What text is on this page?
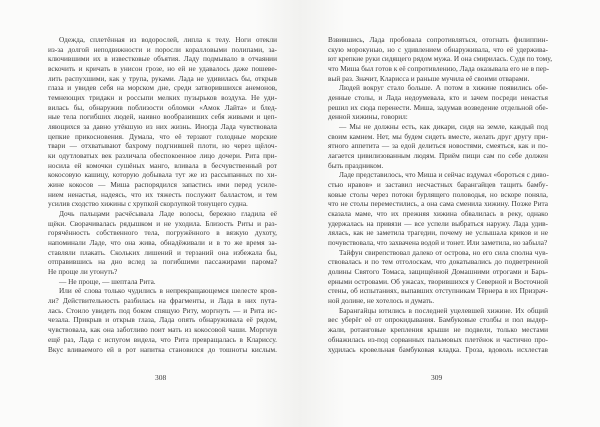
Одежда, сплетённая из водорослей, липла к телу. Ноги отекли
из-за долгой неподвижности и поросли коралловыми полипами, за-
ключившими их в известковые объятия. Ладу подмывало в отчаянии
вскочить и кричать в унисон грозе, но ей не удавалось даже пошеве-
лить распухшими, как у трупа, руками. Лада не удивилась бы, открыв
глаза и увидев себя на морском дне, среди затворившихся анемонов,
темнеющих тридакн и россыпи мелких пузырьков воздуха. Не уди-
вилась бы, обнаружив поблизости обломки «Амок Лайта» и блед-
ные тела погибших людей, наивно вообразивших себя живыми и цеп-
ляющихся за давно утёкшую из них жизнь. Иногда Лада чувствовала
цепкие прикосновения. Думала, что её терзают голодные морские
твари — отхватывают бахрому подгнившей плоти, но через щёлоч-
ки одутловатых век различала обеспокоенное лицо дочери. Рита при-
носила ей комочки сушёных манго, вливала в бесчувственный рот
кокосовую кашицу, которую добывала тут же из рассыпанных по хи-
жине кокосов — Миша распорядился запастись ими перед усиле-
нием ненастья, надеясь, что их тяжесть послужит балластом, и тем
усилив сходство хижины с хрупкой скорлупкой тонущего судна.
Дочь пальцами расчёсывала Ладе волосы, бережно гладила её
щёки. Сворачивалась рядышком и не уходила. Близость Риты и раз-
горячённость собственного тела, погружённого в вязкую духоту,
напоминали Ладе, что она жива, обнадёживали и в то же время за-
ставляли плакать. Скольких лишений и терзаний она избежала бы,
отправившись на дно вслед за погибшими пассажирами парома?
Не проще ли утонуть?
— Не проще, — шептала Рита.
Или её слова только чудились в непрекращающемся шелесте кров-
ли? Действительность разбилась на фрагменты, и Лада в них пута-
лась. Стоило увидеть под боком спящую Риту, моргнуть — и Рита ис-
чезала. Прикрыв и открыв глаза, Лада опять обнаруживала её рядом,
чувствовала, как она заботливо поит мать из кокосовой чаши. Моргнув
ещё раз, Лада с испугом видела, что Рита превращалась в Клариссу.
Вкус вливаемого ей в рот напитка становился до тошноты кислым.
308
Взвившись, Лада пробовала сопротивляться, отогнать филиппин-
скую морокунью, но с удивлением обнаруживала, что её удержива-
ют крепкие руки сидящего рядом мужа. И она смирилась. Судя по тому,
что Миша был готов к её сопротивлению, Лада оказывала его не в пер-
вый раз. Значит, Кларисса и раньше мучила её своими отварами.
Людей вокруг стало больше. А потом в хижине появились обе-
денные столы, и Лада недоумевала, кто и зачем посреди ненастья
решил их сюда перенести. Миша, задумав возведение отдельной обе-
денной хижины, говорил:
— Мы не должны есть, как дикари, сидя на земле, каждый под
своим камнем. Нет, мы будем сидеть вместе, желать друг другу при-
ятного аппетита — за едой делиться новостями, смеяться, как и по-
лагается цивилизованным людям. Приём пищи сам по себе должен
быть праздником.
Ладе представилось, что Миша и сейчас вздумал «бороться с диво-
стью нравов» и заставил несчастных барангайцев тащить бамбу-
ковые столы через потоки бурлящего половодья, но вскоре поняла,
что не столы переместились, а она сама сменила хижину. Позже Рита
сказала маме, что их прежняя хижина обвалилась в реку, однако
удержалась на привязи — все успели выбраться наружу. Лада удив-
лялась, как не заметила трагедии, почему не услышала криков и не
почувствовала, что захвачена водой и тонет. Или заметила, но забыла?
Тайфун свирепствовал далеко от острова, но его сила сполна чув-
ствовалась и по тем отголоскам, что докатывались до подветренной
долины Святого Томаса, защищённой Домашними отрогами и Барь-
ерными островами. Об ужасах, творившихся у Северной и Восточной
стены, об испытаниях, выпавших отступникам Тёрнера в их Призрач-
ной долине, не хотелось и думать.
Барангайцы ютились в последней уцелевшей хижине. Их общий
вес уберёг её от опрокидывания. Бамбуковые столбы и пол выдер-
жали, ротанговые крепления крыши не подвели, только местами
обнажилась из-под сорванных пальмовых плетёнок и частично про-
худилась кровельная бамбуковая кладка. Гроза, вдоволь исхлестав
309
